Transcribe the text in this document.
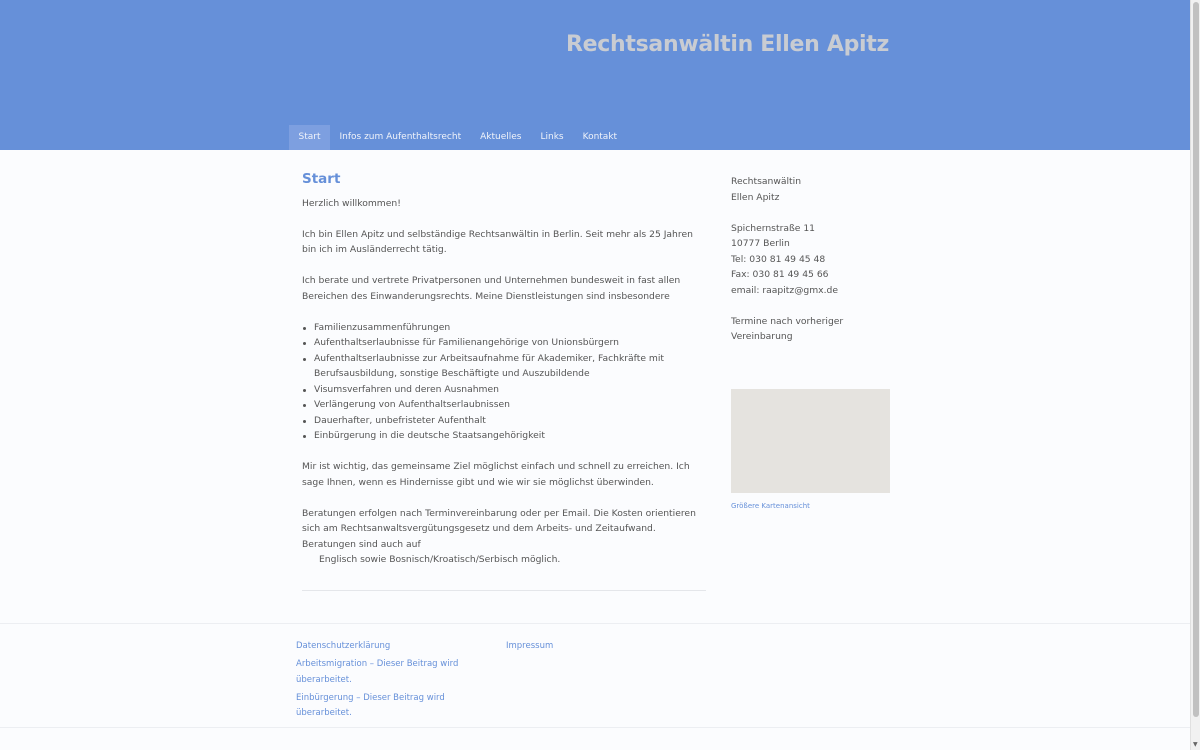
Rechtsanwältin Ellen Apitz
Start	Infos zum Aufenthaltsrecht	Aktuelles	Links	Kontakt
Start

Herzlich willkommen!

Ich bin Ellen Apitz und selbständige Rechtsanwältin in Berlin. Seit mehr als 25 Jahren bin ich im Ausländerrecht tätig.

Ich berate und vertrete Privatpersonen und Unternehmen bundesweit in fast allen Bereichen des Einwanderungsrechts. Meine Dienstleistungen sind insbesondere

Familienzusammenführungen
Aufenthaltserlaubnisse für Familienangehörige von Unionsbürgern
Aufenthaltserlaubnisse zur Arbeitsaufnahme für Akademiker, Fachkräfte mit Berufsausbildung, sonstige Beschäftigte und Auszubildende
Visumsverfahren und deren Ausnahmen
Verlängerung von Aufenthaltserlaubnissen
Dauerhafter, unbefristeter Aufenthalt
Einbürgerung in die deutsche Staatsangehörigkeit

Mir ist wichtig, das gemeinsame Ziel möglichst einfach und schnell zu erreichen. Ich sage Ihnen, wenn es Hindernisse gibt und wie wir sie möglichst überwinden.

Beratungen erfolgen nach Terminvereinbarung oder per Email. Die Kosten orientieren sich am Rechtsanwaltsvergütungsgesetz und dem Arbeits- und Zeitaufwand. Beratungen sind auch auf
Englisch sowie Bosnisch/Kroatisch/Serbisch möglich.

Rechtsanwältin
Ellen Apitz
Spichernstraße 11
10777 Berlin
Tel: 030 81 49 45 48
Fax: 030 81 49 45 66
email: raapitz@gmx.de
Termine nach vorheriger
Vereinbarung
Größere Kartenansicht
Datenschutzerklärung
Arbeitsmigration – Dieser Beitrag wird überarbeitet.
Einbürgerung – Dieser Beitrag wird überarbeitet.
Impressum
▼
